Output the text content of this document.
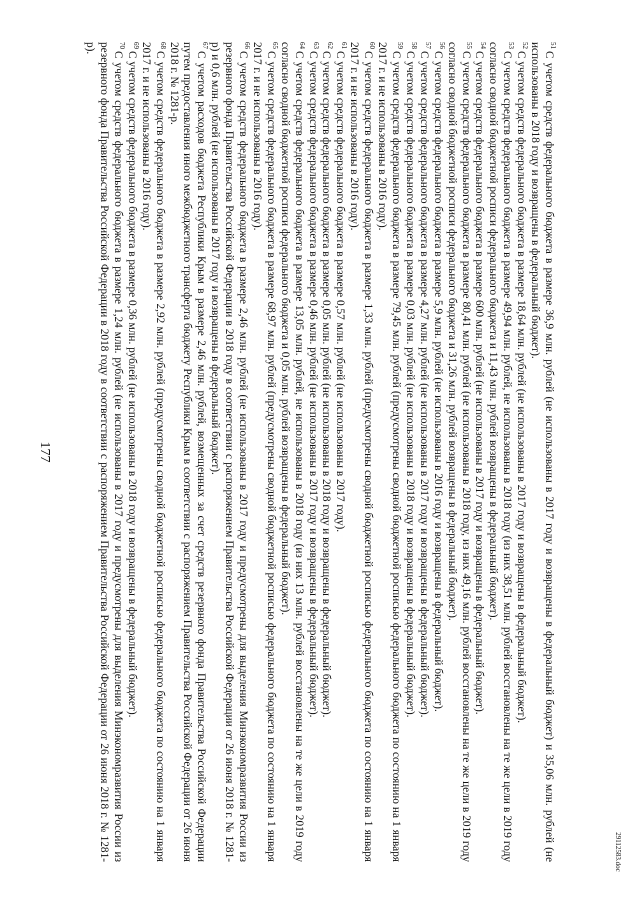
177
$^{51}$С учетом средств федерального бюджета в размере 36,9 млн. рублей (не использованы в 2017 году и возвращены в федеральный бюджет) и 35,06 млн. рублей (не использованы в 2018 году и возвращены в федеральный бюджет).
$^{52}$С учетом средств федерального бюджета в размере 18,64 млн. рублей (не использованы в 2017 году и возвращены в федеральный бюджет).
$^{53}$С учетом средств федерального бюджета в размере 49,94 млн. рублей, не использованы в 2018 году (из них 38,51 млн. рублей восстановлены на те же цели в 2019 году согласно сводной бюджетной росписи федерального бюджета и 11,43 млн. рублей возвращены в федеральный бюджет).
$^{54}$С учетом средств федерального бюджета в размере 600 млн. рублей (не использованы в 2017 году и возвращены в федеральный бюджет).
$^{55}$С учетом средств федерального бюджета в размере 80,41 млн. рублей (не использованы в 2018 году, из них 49,16 млн. рублей восстановлены на те же цели в 2019 году согласно сводной бюджетной росписи федерального бюджета и 31,26 млн. рублей возвращены в федеральный бюджет).
$^{56}$С учетом средств федерального бюджета в размере 5,9 млн. рублей (не использованы в 2016 году и возвращены в федеральный бюджет).
$^{57}$С учетом средств федерального бюджета в размере 4,27 млн. рублей (не использованы в 2017 году и возвращены в федеральный бюджет).
$^{58}$С учетом средств федерального бюджета в размере 0,03 млн. рублей (не использованы в 2018 году и возвращены в федеральный бюджет).
$^{59}$С учетом средств федерального бюджета в размере 79,45 млн. рублей (предусмотрены сводной бюджетной росписью федерального бюджета по состоянию на 1 января 2017 г. и не использованы в 2016 году).
$^{60}$С учетом средств федерального бюджета в размере 1,33 млн. рублей (предусмотрены сводной бюджетной росписью федерального бюджета по состоянию на 1 января 2017 г. и не использованы в 2016 году).
$^{61}$С учетом средств федерального бюджета в размере 0,57 млн. рублей (не использованы в 2017 году).
$^{62}$С учетом средств федерального бюджета в размере 0,05 млн. рублей (не использованы в 2018 году и возвращены в федеральный бюджет).
$^{63}$С учетом средств федерального бюджета в размере 0,46 млн. рублей (не использованы в 2017 году и возвращены в федеральный бюджет).
$^{64}$С учетом средств федерального бюджета в размере 13,05 млн. рублей, не использованы в 2018 году (из них 13 млн. рублей восстановлены на те же цели в 2019 году согласно сводной бюджетной росписи федерального бюджета и 0,05 млн. рублей возвращены в федеральный бюджет).
$^{65}$С учетом средств федерального бюджета в размере 68,97 млн. рублей (предусмотрены сводной бюджетной росписью федерального бюджета по состоянию на 1 января 2017 г. и не использованы в 2016 году).
$^{66}$С учетом средств федерального бюджета в размере 2,46 млн. рублей (не использованы в 2017 году и предусмотрены для выделения Минэкономразвития России из резервного фонда Правительства Российской Федерации в 2018 году в соответствии с распоряжением Правительства Российской Федерации от 26 июня 2018 г. № 1281-р) и 0,6 млн. рублей (не использованы в 2017 году и возвращены в федеральный бюджет).
$^{67}$С учетом расходов бюджета Республики Крым в размере 2,46 млн. рублей, возмещенных за счет средств резервного фонда Правительства Российской Федерации путем предоставления иного межбюджетного трансферта бюджету Республики Крым в соответствии с распоряжением Правительства Российской Федерации от 26 июня 2018 г. № 1281-р.
$^{68}$С учетом средств федерального бюджета в размере 2,92 млн. рублей (предусмотрены сводной бюджетной росписью федерального бюджета по состоянию на 1 января 2017 г. и не использованы в 2016 году).
$^{69}$С учетом средств федерального бюджета в размере 0,36 млн. рублей (не использованы в 2018 году и возвращены в федеральный бюджет).
$^{70}$С учетом средств федерального бюджета в размере 1,24 млн. рублей (не использованы в 2017 году и предусмотрены для выделения Минэкономразвития России из резервного фонда Правительства Российской Федерации в 2018 году в соответствии с распоряжением Правительства Российской Федерации от 26 июня 2018 г. № 1281-р).
29112583.doc
